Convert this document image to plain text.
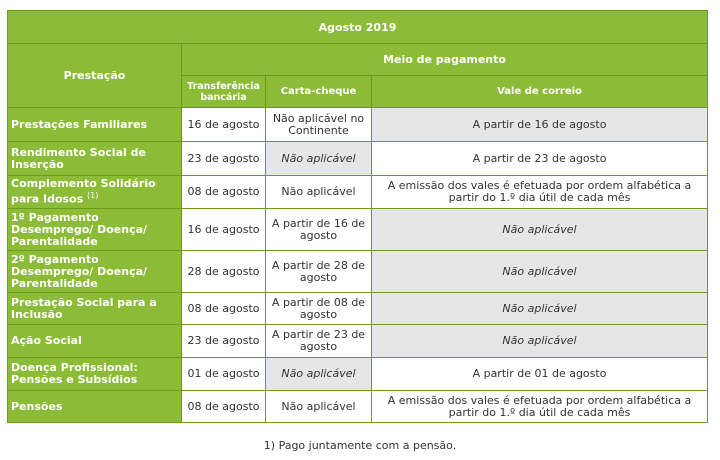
Agosto 2019			
Prestação	Meio de pagamento		
	Transferência bancária	Carta-cheque	Vale de correio
Prestações Familiares	16 de agosto	Não aplicável no Continente	A partir de 16 de agosto
Rendimento Social de Inserção	23 de agosto	Não aplicável	A partir de 23 de agosto
Complemento Solidário para Idosos $^{(1)}$	08 de agosto	Não aplicável	A emissão dos vales é efetuada por ordem alfabética a partir do 1.º dia útil de cada mês
1º Pagamento Desemprego/ Doença/ Parentalidade	16 de agosto	A partir de 16 de agosto	Não aplicável
2º Pagamento Desemprego/ Doença/ Parentalidade	28 de agosto	A partir de 28 de agosto	Não aplicável
Prestação Social para a Inclusão	08 de agosto	A partir de 08 de agosto	Não aplicável
Ação Social	23 de agosto	A partir de 23 de agosto	Não aplicável
Doença Profissional: Pensões e Subsídios	01 de agosto	Não aplicável	A partir de 01 de agosto
Pensões	08 de agosto	Não aplicável	A emissão dos vales é efetuada por ordem alfabética a partir do 1.º dia útil de cada mês
1) Pago juntamente com a pensão.
